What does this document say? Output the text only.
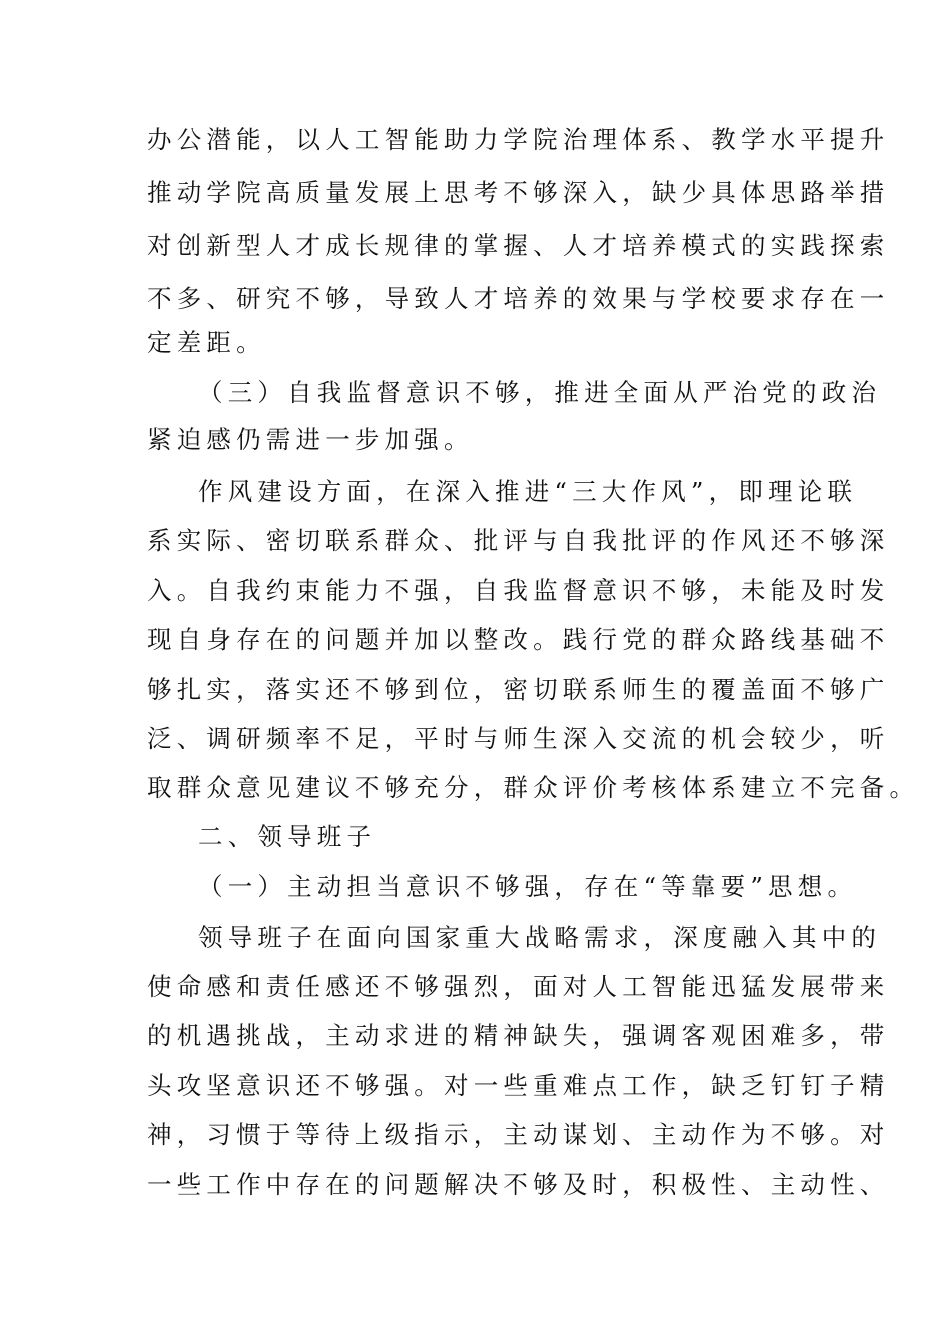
办公潜能，以人工智能助力学院治理体系、教学水平提升
推动学院高质量发展上思考不够深入，缺少具体思路举措
对创新型人才成长规律的掌握、人才培养模式的实践探索
不多、研究不够，导致人才培养的效果与学校要求存在一
定差距。
（三）自我监督意识不够，推进全面从严治党的政治
紧迫感仍需进一步加强。
作风建设方面，在深入推进“三大作风”，即理论联
系实际、密切联系群众、批评与自我批评的作风还不够深
入。自我约束能力不强，自我监督意识不够，未能及时发
现自身存在的问题并加以整改。践行党的群众路线基础不
够扎实，落实还不够到位，密切联系师生的覆盖面不够广
泛、调研频率不足，平时与师生深入交流的机会较少，听
取群众意见建议不够充分，群众评价考核体系建立不完备。
二、领导班子
（一）主动担当意识不够强，存在“等靠要”思想。
领导班子在面向国家重大战略需求，深度融入其中的
使命感和责任感还不够强烈，面对人工智能迅猛发展带来
的机遇挑战，主动求进的精神缺失，强调客观困难多，带
头攻坚意识还不够强。对一些重难点工作，缺乏钉钉子精
神，习惯于等待上级指示，主动谋划、主动作为不够。对
一些工作中存在的问题解决不够及时，积极性、主动性、
